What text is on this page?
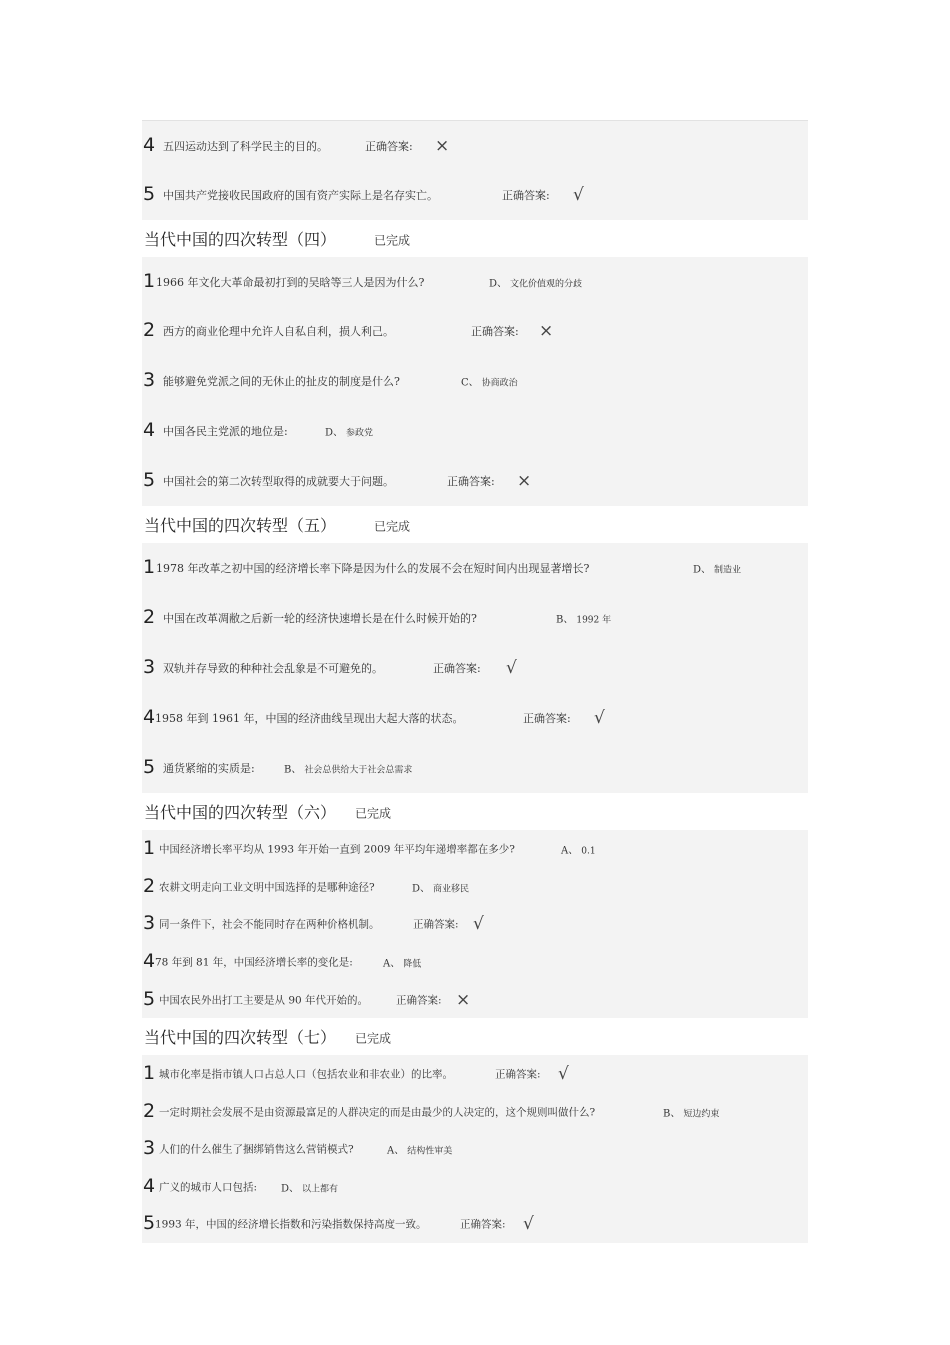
4 五四运动达到了科学民主的目的。	正确答案: ×
5 中国共产党接收民国政府的国有资产实际上是名存实亡。	正确答案: √
当代中国的四次转型（四）	已完成
1 1966 年文化大革命最初打到的吴晗等三人是因为什么?	D、 文化价值观的分歧
2 西方的商业伦理中允许人自私自利，损人利己。	正确答案: ×
3 能够避免党派之间的无休止的扯皮的制度是什么?	C、 协商政治
4 中国各民主党派的地位是:	D、 参政党
5 中国社会的第二次转型取得的成就要大于问题。	正确答案: ×
当代中国的四次转型（五）	已完成
1 1978 年改革之初中国的经济增长率下降是因为什么的发展不会在短时间内出现显著增长?	D、 制造业
2 中国在改革凋敝之后新一轮的经济快速增长是在什么时候开始的?	B、 1992 年
3 双轨并存导致的种种社会乱象是不可避免的。	正确答案: √
4 1958 年到 1961 年，中国的经济曲线呈现出大起大落的状态。	正确答案: √
5 通货紧缩的实质是:	B、 社会总供给大于社会总需求
当代中国的四次转型（六） 已完成
1 中国经济增长率平均从 1993 年开始一直到 2009 年平均年递增率都在多少?	A、 0.1
2 农耕文明走向工业文明中国选择的是哪种途径?	D、 商业移民
3 同一条件下，社会不能同时存在两种价格机制。	正确答案: √
4 78 年到 81 年，中国经济增长率的变化是:	A、 降低
5 中国农民外出打工主要是从 90 年代开始的。	正确答案: ×
当代中国的四次转型（七） 已完成
1 城市化率是指市镇人口占总人口（包括农业和非农业）的比率。	正确答案: √
2 一定时期社会发展不是由资源最富足的人群决定的而是由最少的人决定的，这个规则叫做什么?	B、 短边约束
3 人们的什么催生了捆绑销售这么营销模式?	A、 结构性审美
4 广义的城市人口包括: D、 以上都有
5 1993 年，中国的经济增长指数和污染指数保持高度一致。	正确答案: √
